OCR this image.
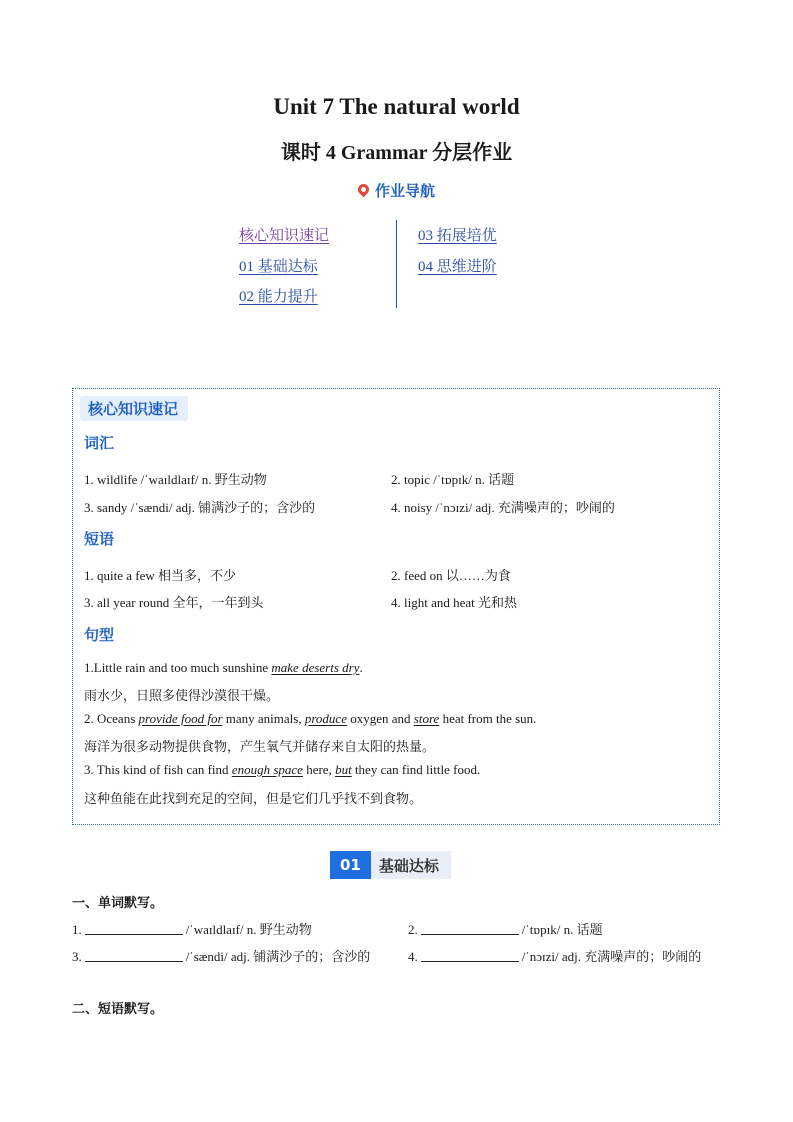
Unit 7 The natural world
课时 4 Grammar 分层作业
作业导航
核心知识速记
01 基础达标
02 能力提升
03 拓展培优
04 思维进阶
核心知识速记
词汇
1. wildlife /ˈwaɪldlaɪf/ n. 野生动物	2. topic /ˈtɒpɪk/ n. 话题
3. sandy /ˈsændi/ adj. 铺满沙子的；含沙的	4. noisy /ˈnɔɪzi/ adj. 充满噪声的；吵闹的
短语
1. quite a few 相当多，不少	2. feed on 以……为食
3. all year round 全年，一年到头	4. light and heat 光和热
句型
1.Little rain and too much sunshine make deserts dry.
雨水少，日照多使得沙漠很干燥。
2. Oceans provide food for many animals, produce oxygen and store heat from the sun.
海洋为很多动物提供食物，产生氧气并储存来自太阳的热量。
3. This kind of fish can find enough space here, but they can find little food.
这种鱼能在此找到充足的空间，但是它们几乎找不到食物。
01	基础达标
一、单词默写。
1.	/ˈwaɪldlaɪf/ n. 野生动物	2.	/ˈtɒpɪk/ n. 话题
3.	/ˈsændi/ adj. 铺满沙子的；含沙的	4.	/ˈnɔɪzi/ adj. 充满噪声的；吵闹的
二、短语默写。
